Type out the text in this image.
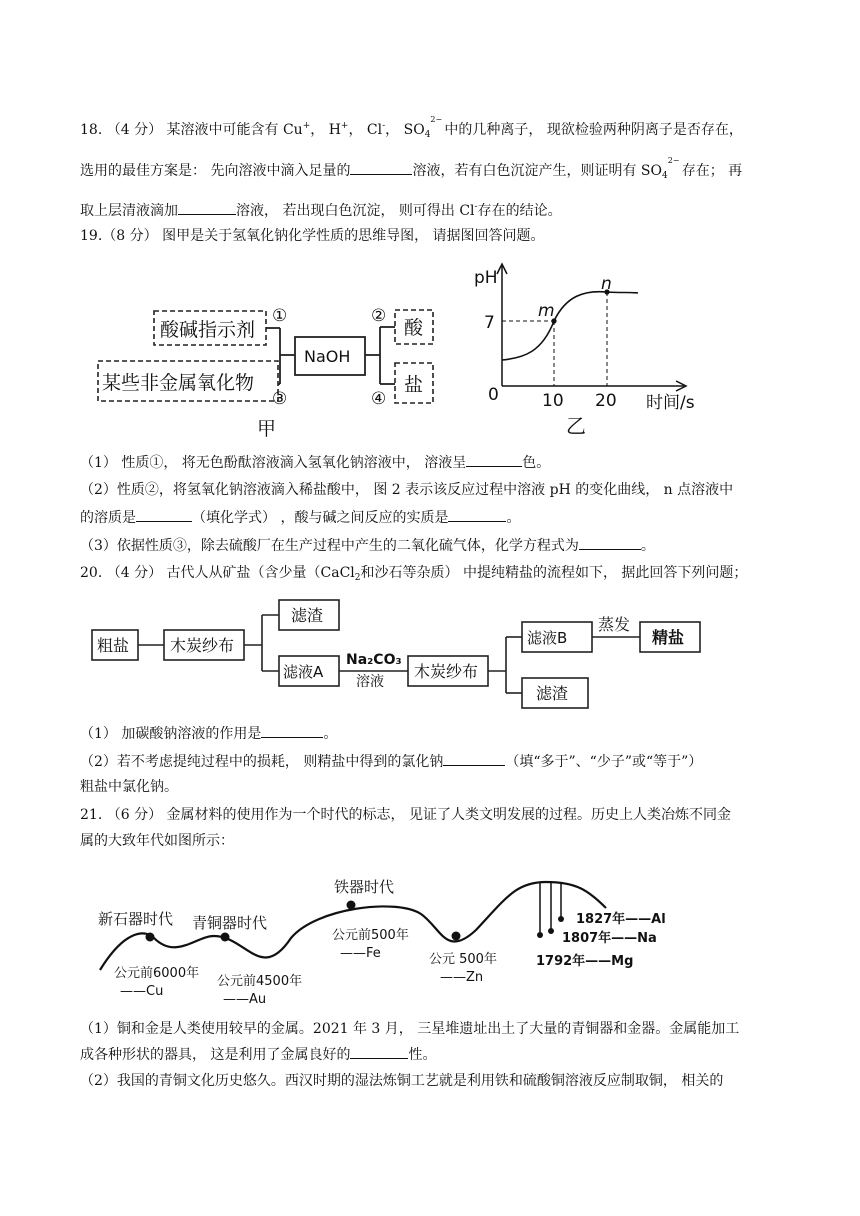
18. （4 分） 某溶液中可能含有 Cu+， H+， Cl-， $SO_4$
2−
中的几种离子， 现欲检验两种阴离子是否存在，
选用的最佳方案是： 先向溶液中滴入足量的	溶液，若有白色沉淀产生，则证明有 $SO_4$
2−
存在； 再
取上层清液滴加	溶液， 若出现白色沉淀， 则可得出 Cl-存在的结论。
19.（8 分） 图甲是关于氢氧化钠化学性质的思维导图， 请据图回答问题。
酸碱指示剂
某些非金属氧化物
NaOH
酸
盐
①	②
③	④
甲
pH
7
0	10 20 时间/s
m
n
乙
（1） 性质①， 将无色酚酞溶液滴入氢氧化钠溶液中， 溶液呈	色。
（2）性质②，将氢氧化钠溶液滴入稀盐酸中， 图 2 表示该反应过程中溶液 pH 的变化曲线， n 点溶液中
的溶质是	（填化学式） ，酸与碱之间反应的实质是	。
（3）依据性质③，除去硫酸厂在生产过程中产生的二氧化硫气体，化学方程式为	。
20. （4 分） 古代人从矿盐（含少量（CaCl$_2$和沙石等杂质） 中提纯精盐的流程如下， 据此回答下列问题；
粗盐	木炭纱布
滤渣
滤液A
Na₂CO₃
溶液
木炭纱布
滤液B
蒸发
精盐
滤渣
（1） 加碳酸钠溶液的作用是	。
（2）若不考虑提纯过程中的损耗， 则精盐中得到的氯化钠	（填“多于”、“少子”或“等于”）
粗盐中氯化钠。
21. （6 分） 金属材料的使用作为一个时代的标志， 见证了人类文明发展的过程。历史上人类冶炼不同金
属的大致年代如图所示：
新石器时代 青铜器时代
铁器时代
公元前6000年
——Cu
公元前4500年
——Au
公元前500年
——Fe	公元 500年
——Zn
1827年——Al
1807年——Na
1792年——Mg
（1）铜和金是人类使用较早的金属。2021 年 3 月， 三星堆遗址出土了大量的青铜器和金器。金属能加工
成各种形状的器具， 这是利用了金属良好的	性。
（2）我国的青铜文化历史悠久。西汉时期的湿法炼铜工艺就是利用铁和硫酸铜溶液反应制取铜， 相关的
